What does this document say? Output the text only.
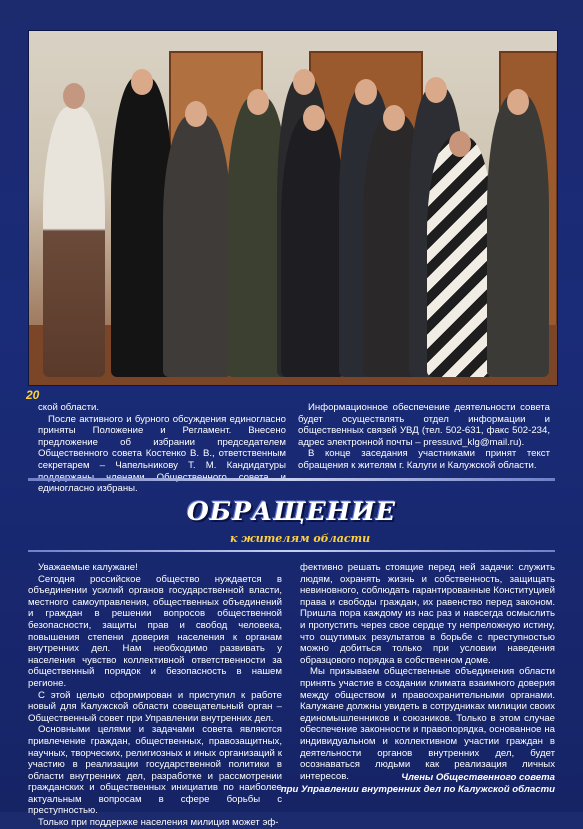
20

ской области.

После активного и бурного обсуждения единогласно приняты Положение и Регламент. Внесено предложение об избрании председателем Общественного совета Костенко В. В., ответственным секретарем – Чапельникову Т. М. Кандидатуры единогласно избраны.

Информационное обеспечение деятельности совета будет осуществлять отдел информации и общественных связей УВД (тел. 502-631, факс 502-234, адрес электронной почты – pressuvd_klg@mail.ru).

В конце заседания участниками принят текст обращения к жителям г. Калуги и Калужской области.

ОБРАЩЕНИЕ
к жителям области

Уважаемые калужане!

Сегодня российское общество нуждается в объединении усилий органов государственной власти, местного самоуправления, общественных объединений и граждан в решении вопросов общественной безопасности, защиты прав и свобод человека, повышения степени доверия населения к органам внутренних дел. Нам необходимо развивать у населения чувство коллективной ответственности за общественный порядок и безопасность в нашем регионе.

С этой целью сформирован и приступил к работе новый для Калужской области совещательный орган – Общественный совет при Управлении внутренних дел.

Основными целями и задачами совета являются привлечение граждан, общественных, правозащитных, научных, творческих, религиозных и иных организаций к участию в реализации государственной политики в области внутренних дел, разработке и рассмотрении гражданских и общественных инициатив по наиболее актуальным вопросам в сфере борьбы с преступностью.

Только при поддержке населения милиция может эф-

фективно решать стоящие перед ней задачи: служить людям, охранять жизнь и собственность, защищать невиновного, соблюдать гарантированные Конституцией права и свободы граждан, их равенство перед законом. Пришла пора каждому из нас раз и навсегда осмыслить и пропустить через свое сердце ту непреложную истину, что ощутимых результатов в борьбе с преступностью можно добиться только при условии наведения образцового порядка в собственном доме.

Мы призываем общественные объединения области принять участие в создании климата взаимного доверия между обществом и правоохранительными органами. Калужане должны увидеть в сотрудниках милиции своих единомышленников и союзников. Только в этом случае обеспечение законности и правопорядка, основанное на индивидуальном и коллективном участии граждан в деятельности органов внутренних дел, будет осознаваться людьми как реализация личных интересов.	Члены Общественного совета
при Управлении внутренних дел по Калужской области
